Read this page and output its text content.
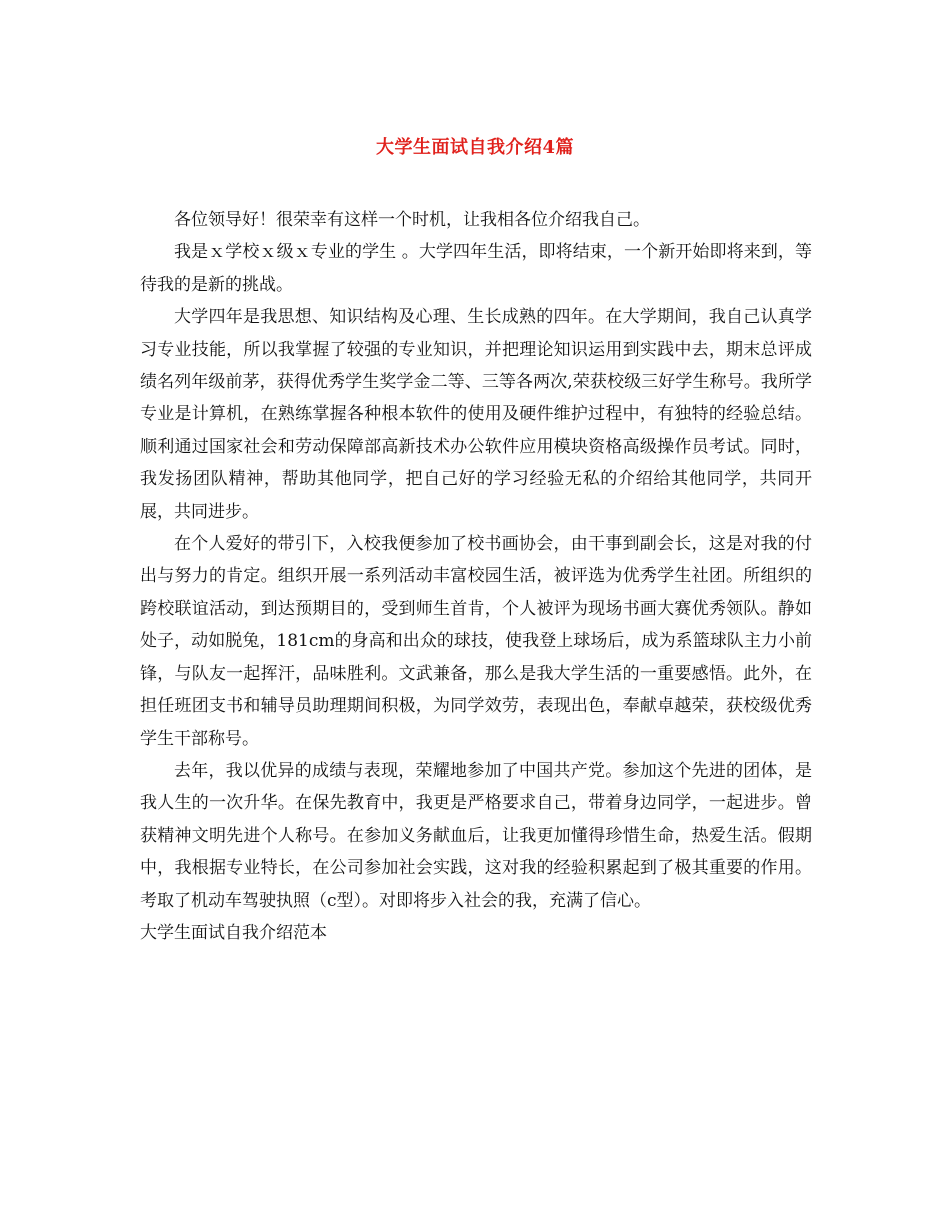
大学生面试自我介绍4篇

各位领导好！很荣幸有这样一个时机，让我相各位介绍我自己。

我是ｘ学校ｘ级ｘ专业的学生 。大学四年生活，即将结束，一个新开始即将来到，等待我的是新的挑战。

大学四年是我思想、知识结构及心理、生长成熟的四年。在大学期间，我自己认真学习专业技能，所以我掌握了较强的专业知识，并把理论知识运用到实践中去，期末总评成绩名列年级前茅，获得优秀学生奖学金二等、三等各两次,荣获校级三好学生称号。我所学专业是计算机，在熟练掌握各种根本软件的使用及硬件维护过程中，有独特的经验总结。顺利通过国家社会和劳动保障部高新技术办公软件应用模块资格高级操作员考试。同时，我发扬团队精神，帮助其他同学，把自己好的学习经验无私的介绍给其他同学，共同开展，共同进步。

在个人爱好的带引下，入校我便参加了校书画协会，由干事到副会长，这是对我的付出与努力的肯定。组织开展一系列活动丰富校园生活，被评选为优秀学生社团。所组织的跨校联谊活动，到达预期目的，受到师生首肯，个人被评为现场书画大赛优秀领队。静如处子，动如脱兔，181cm的身高和出众的球技，使我登上球场后，成为系篮球队主力小前锋，与队友一起挥汗，品味胜利。文武兼备，那么是我大学生活的一重要感悟。此外，在担任班团支书和辅导员助理期间积极，为同学效劳，表现出色，奉献卓越荣，获校级优秀学生干部称号。

去年，我以优异的成绩与表现，荣耀地参加了中国共产党。参加这个先进的团体，是我人生的一次升华。在保先教育中，我更是严格要求自己，带着身边同学，一起进步。曾获精神文明先进个人称号。在参加义务献血后，让我更加懂得珍惜生命，热爱生活。假期中，我根据专业特长，在公司参加社会实践，这对我的经验积累起到了极其重要的作用。考取了机动车驾驶执照（c型）。对即将步入社会的我，充满了信心。

大学生面试自我介绍范本
